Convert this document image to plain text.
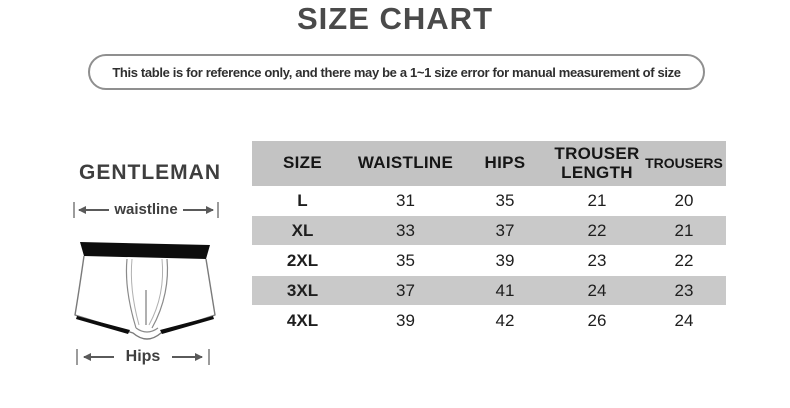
SIZE CHART
This table is for reference only, and there may be a 1~1 size error for manual measurement of size
GENTLEMAN
waistline
Hips
SIZE	WAISTLINE	HIPS	TROUSER LENGTH	TROUSERS
L	31	35	21	20
XL	33	37	22	21
2XL	35	39	23	22
3XL	37	41	24	23
4XL	39	42	26	24
